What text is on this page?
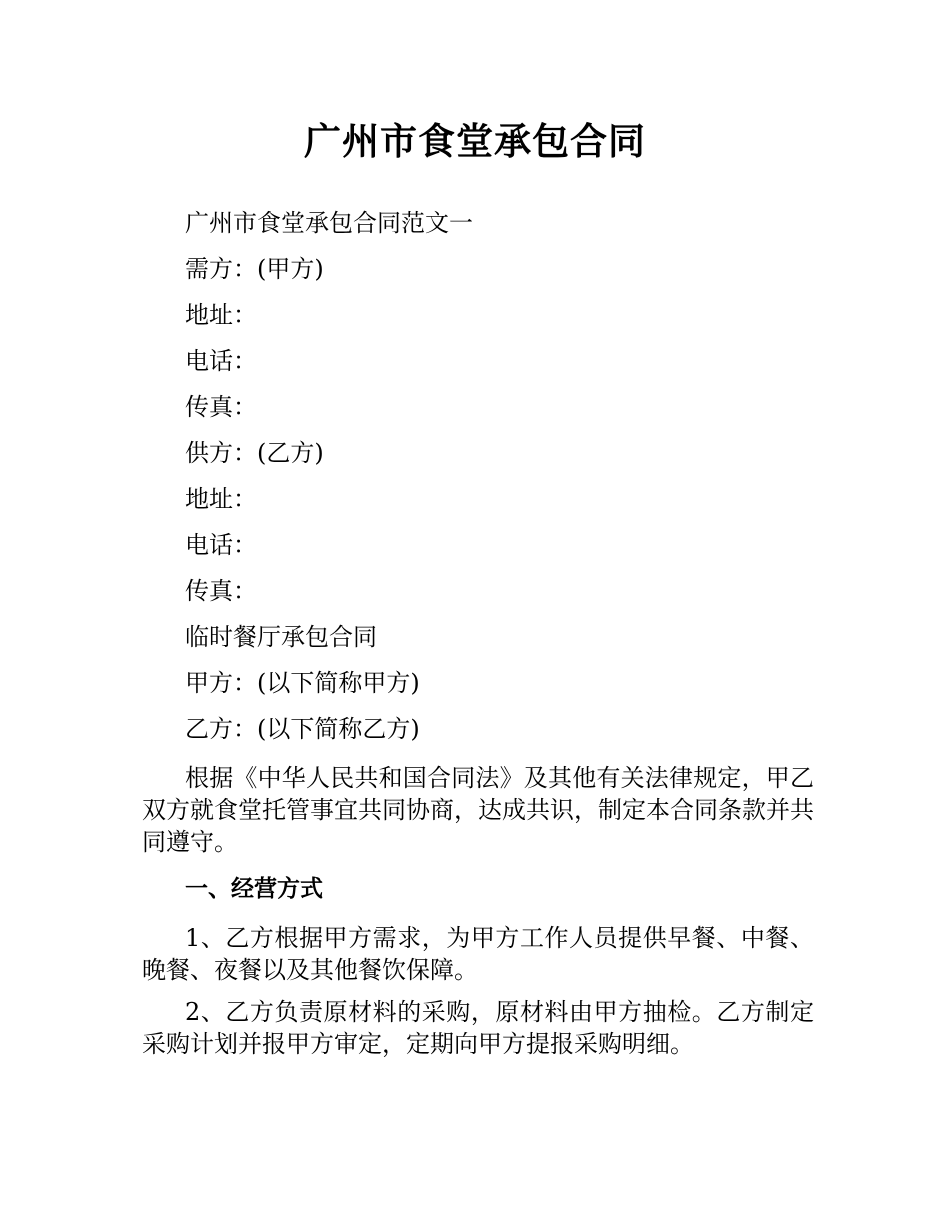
广州市食堂承包合同

广州市食堂承包合同范文一

需方：(甲方)

地址：

电话：

传真：

供方：(乙方)

地址：

电话：

传真：

临时餐厅承包合同

甲方：(以下简称甲方)

乙方：(以下简称乙方)

根据《中华人民共和国合同法》及其他有关法律规定，甲乙双方就食堂托管事宜共同协商，达成共识，制定本合同条款并共同遵守。

一、经营方式

1、乙方根据甲方需求，为甲方工作人员提供早餐、中餐、晚餐、夜餐以及其他餐饮保障。

2、乙方负责原材料的采购，原材料由甲方抽检。乙方制定采购计划并报甲方审定，定期向甲方提报采购明细。
